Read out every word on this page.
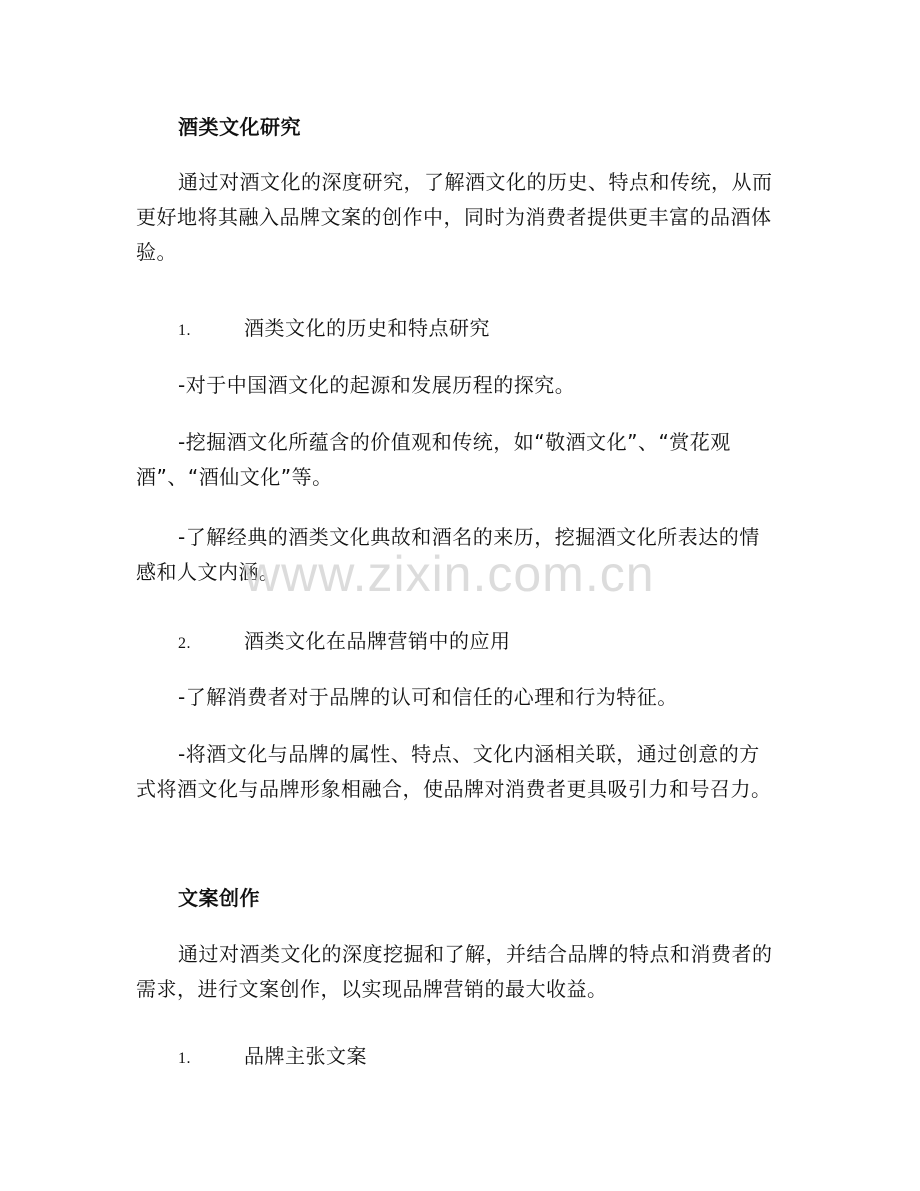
酒类文化研究

通过对酒文化的深度研究，了解酒文化的历史、特点和传统，从而更好地将其融入品牌文案的创作中，同时为消费者提供更丰富的品酒体验。

1.	酒类文化的历史和特点研究

-对于中国酒文化的起源和发展历程的探究。

-挖掘酒文化所蕴含的价值观和传统，如“敬酒文化”、“赏花观酒”、“酒仙文化”等。

-了解经典的酒类文化典故和酒名的来历，挖掘酒文化所表达的情感和人文内涵。

2.	酒类文化在品牌营销中的应用

-了解消费者对于品牌的认可和信任的心理和行为特征。

-将酒文化与品牌的属性、特点、文化内涵相关联，通过创意的方式将酒文化与品牌形象相融合，使品牌对消费者更具吸引力和号召力。

文案创作

通过对酒类文化的深度挖掘和了解，并结合品牌的特点和消费者的需求，进行文案创作，以实现品牌营销的最大收益。

1.	品牌主张文案

www.zixin.com.cn
